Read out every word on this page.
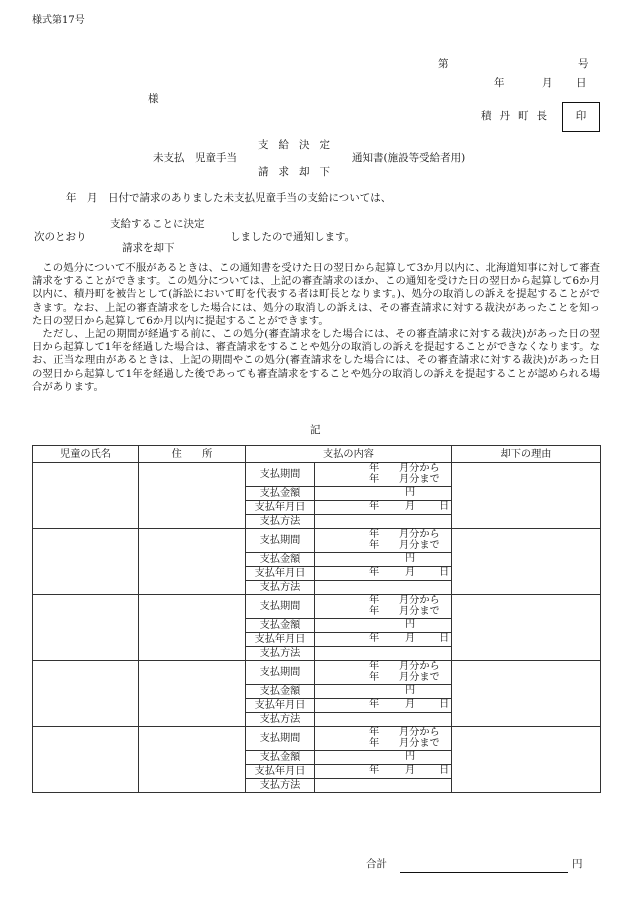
様式第17号
第	号
年	月 日
様
積丹町長 印
支給決定
未支払　児童手当	通知書(施設等受給者用)
請求却下
年　月　日付で請求のありました未支払児童手当の支給については、
支給することに決定
次のとおり	しましたので通知します。
請求を却下

この処分について不服があるときは、この通知書を受けた日の翌日から起算して3か月以内に、北海道知事に対して審査請求をすることができます。この処分については、上記の審査請求のほか、この通知を受けた日の翌日から起算して6か月以内に、積丹町を被告として(訴訟において町を代表する者は町長となります。)、処分の取消しの訴えを提起することができます。なお、上記の審査請求をした場合には、処分の取消しの訴えは、その審査請求に対する裁決があったことを知った日の翌日から起算して6か月以内に提起することができます。

ただし、上記の期間が経過する前に、この処分(審査請求をした場合には、その審査請求に対する裁決)があった日の翌日から起算して1年を経過した場合は、審査請求をすることや処分の取消しの訴えを提起することができなくなります。なお、正当な理由があるときは、上記の期間やこの処分(審査請求をした場合には、その審査請求に対する裁決)があった日の翌日から起算して1年を経過した後であっても審査請求をすることや処分の取消しの訴えを提起することが認められる場合があります。

記
児童の氏名	住　　所	支払の内容		却下の理由
		支払期間	年 月分から
年 月分まで	

		支払金額	円	

		支払年月日	年 月 日	

		支払方法		
		支払期間	年 月分から
年 月分まで	

		支払金額	円	

		支払年月日	年 月 日	

		支払方法		
		支払期間	年 月分から
年 月分まで	

		支払金額	円	

		支払年月日	年 月 日	

		支払方法		
		支払期間	年 月分から
年 月分まで	

		支払金額	円	

		支払年月日	年 月 日	

		支払方法		
		支払期間	年 月分から
年 月分まで	

		支払金額	円	

		支払年月日	年 月 日	

		支払方法		
合計	円
